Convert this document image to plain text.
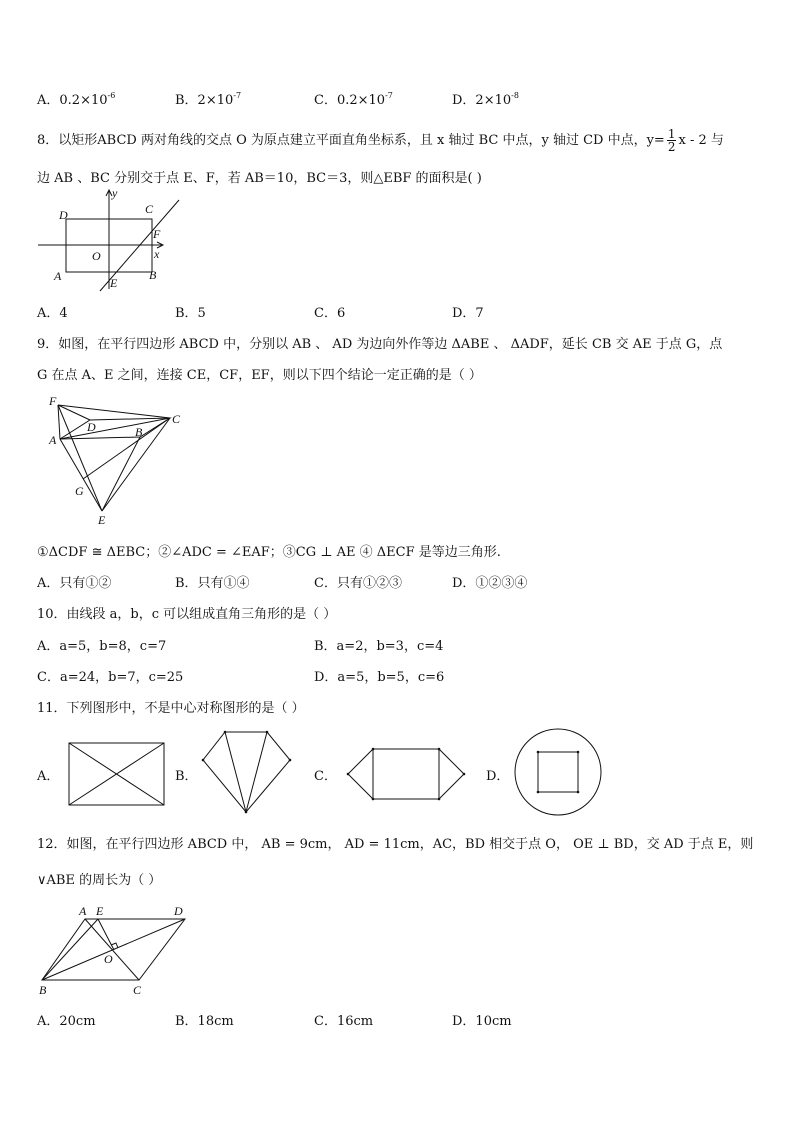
A．$0.2\times 10^{-6}$	B．$2\times 10^{-7}$	C．$0.2\times 10^{-7}$	D．$2\times 10^{-8}$
8．以矩形ABCD 两对角线的交点 O 为原点建立平面直角坐标系，且 x 轴过 BC 中点，y 轴过 CD 中点，$y= \frac{1}{2}$ x - 2 与
边 AB 、BC 分别交于点 E、F，若 AB＝10，BC＝3，则△EBF 的面积是( )
D	C
y
F
O	x
A	E
B
A．4	B．5	C．6	D．7
9．如图，在平行四边形 ABCD 中，分别以 AB 、 AD 为边向外作等边 ΔABE 、 ΔADF，延长 CB 交 AE 于点 G，点
G 在点 A、E 之间，连接 CE，CF，EF，则以下四个结论一定正确的是（ ）
F
D
C
A
B
G
E
①ΔCDF ≅ ΔEBC；②∠ADC = ∠EAF；③CG ⊥ AE ④ ΔECF 是等边三角形.
A．只有①②	B．只有①④	C．只有①②③	D．①②③④
10．由线段 a，b，c 可以组成直角三角形的是（ ）
A．a=5，b=8，c=7	B．a=2，b=3，c=4
C．a=24，b=7，c=25	D．a=5，b=5，c=6
11．下列图形中，不是中心对称图形的是（ ）
A．	B．	C．	D．
12．如图，在平行四边形 ABCD 中， AB = 9cm， AD = 11cm，AC，BD 相交于点 O， OE ⊥ BD，交 AD 于点 E，则
∨ABE 的周长为（ ）
A E	D
O
B	C
A．20cm	B．18cm	C．16cm	D．10cm
